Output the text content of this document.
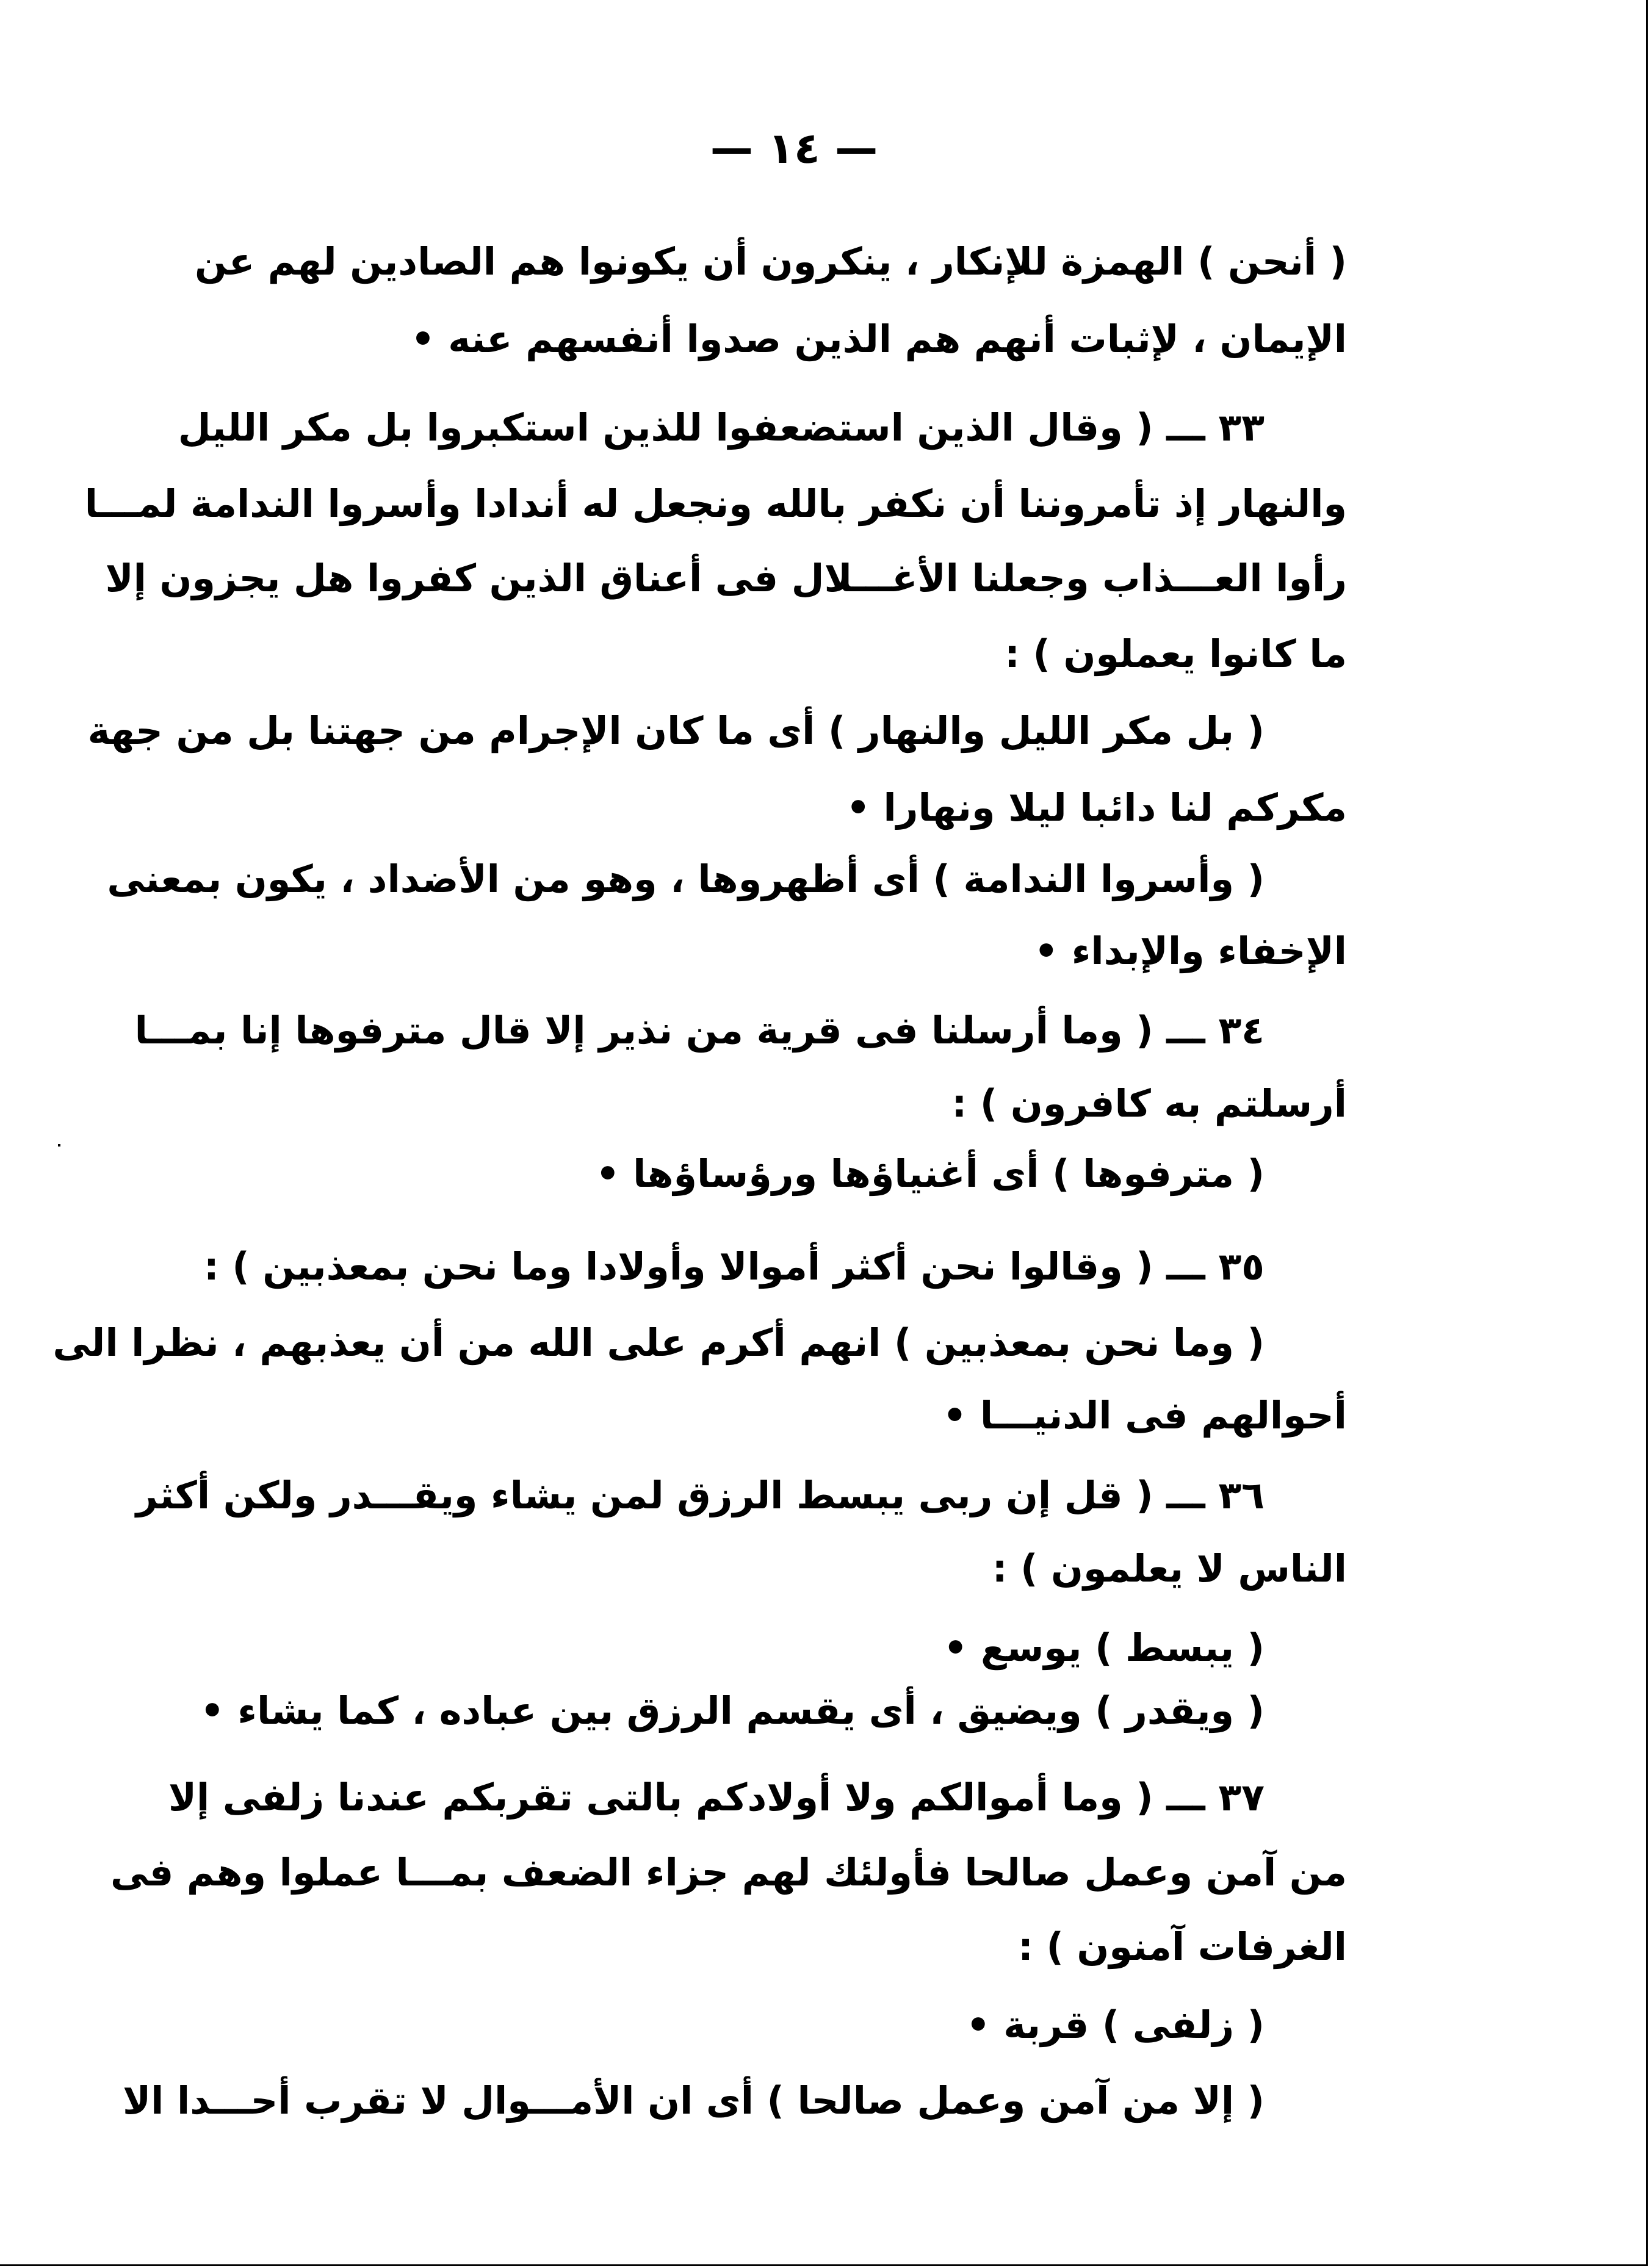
— ١٤ —
( أنحن ) الهمزة للإنكار ، ينكرون أن يكونوا هم الصادين لهم عن
الإيمان ، لإثبات أنهم هم الذين صدوا أنفسهم عنه •
٣٣ ـــ ( وقال الذين استضعفوا للذين استكبروا بل مكر الليل
والنهار إذ تأمروننا أن نكفر بالله ونجعل له أندادا وأسروا الندامة لمـــا
رأوا العـــذاب وجعلنا الأغـــلال فى أعناق الذين كفروا هل يجزون إلا
ما كانوا يعملون ) :
( بل مكر الليل والنهار ) أى ما كان الإجرام من جهتنا بل من جهة
مكركم لنا دائبا ليلا ونهارا •
( وأسروا الندامة ) أى أظهروها ، وهو من الأضداد ، يكون بمعنى
الإخفاء والإبداء •
٣٤ ـــ ( وما أرسلنا فى قرية من نذير إلا قال مترفوها إنا بمـــا
أرسلتم به كافرون ) :
( مترفوها ) أى أغنياؤها ورؤساؤها •
٣٥ ـــ ( وقالوا نحن أكثر أموالا وأولادا وما نحن بمعذبين ) :
( وما نحن بمعذبين ) انهم أكرم على الله من أن يعذبهم ، نظرا الى
أحوالهم فى الدنيـــا •
٣٦ ـــ ( قل إن ربى يبسط الرزق لمن يشاء ويقـــدر ولكن أكثر
الناس لا يعلمون ) :
( يبسط ) يوسع •
( ويقدر ) ويضيق ، أى يقسم الرزق بين عباده ، كما يشاء •
٣٧ ـــ ( وما أموالكم ولا أولادكم بالتى تقربكم عندنا زلفى إلا
من آمن وعمل صالحا فأولئك لهم جزاء الضعف بمـــا عملوا وهم فى
الغرفات آمنون ) :
( زلفى ) قربة •
( إلا من آمن وعمل صالحا ) أى ان الأمـــوال لا تقرب أحـــدا الا
